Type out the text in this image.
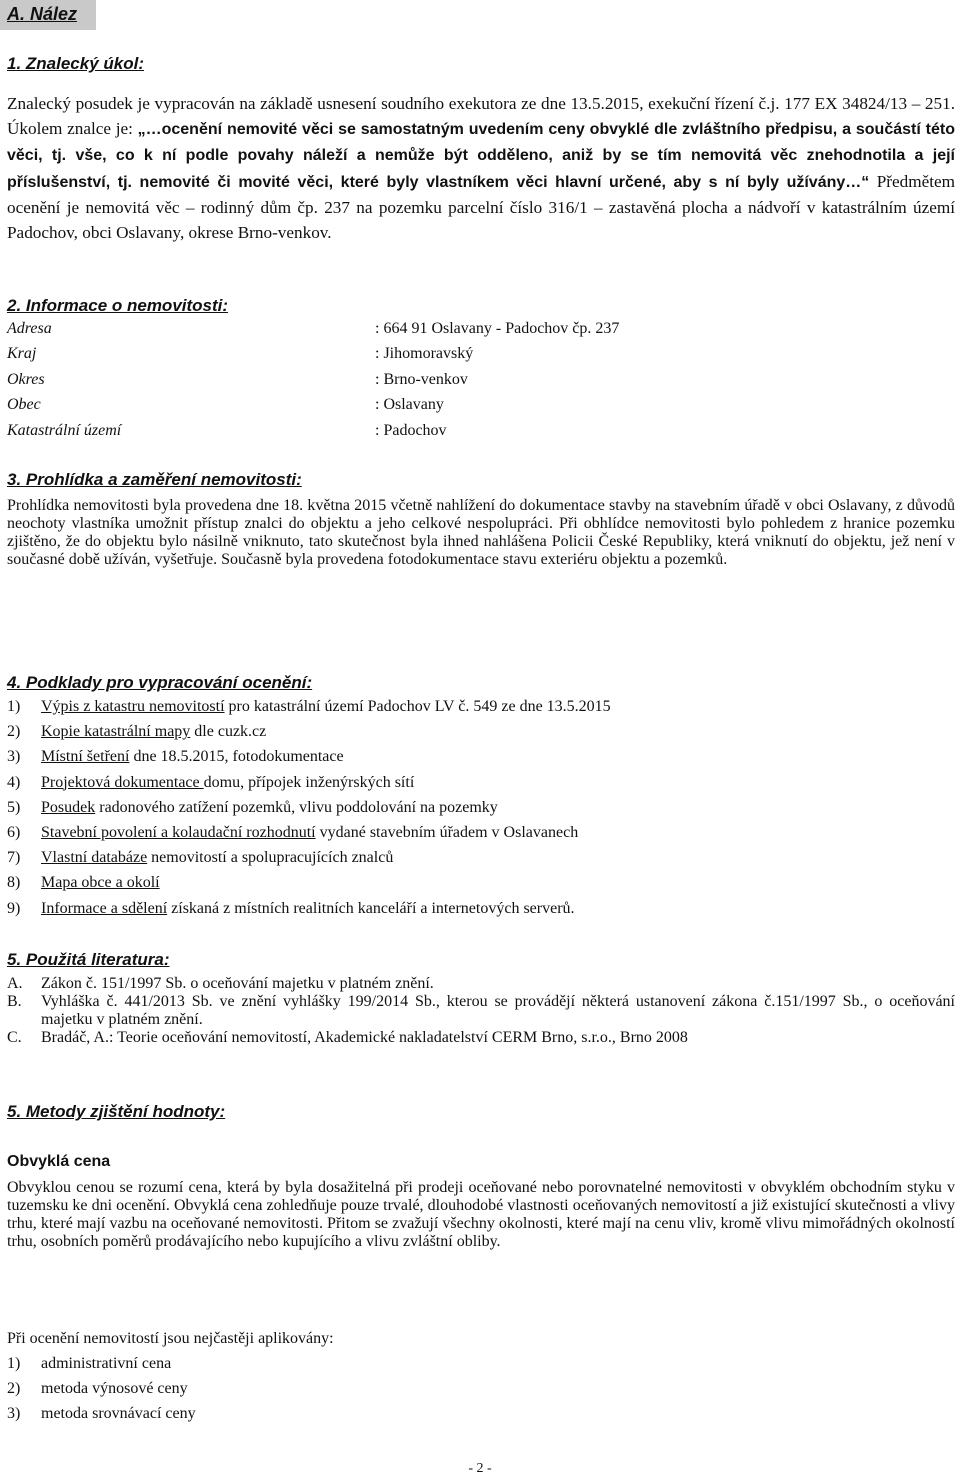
A. Nález
1. Znalecký úkol:
Znalecký posudek je vypracován na základě usnesení soudního exekutora ze dne 13.5.2015, exekuční řízení č.j. 177 EX 34824/13 – 251. Úkolem znalce je: „…ocenění nemovité věci se samostatným uvedením ceny obvyklé dle zvláštního předpisu, a součástí této věci, tj. vše, co k ní podle povahy náleží a nemůže být odděleno, aniž by se tím nemovitá věc znehodnotila a její příslušenství, tj. nemovité či movité věci, které byly vlastníkem věci hlavní určené, aby s ní byly užívány…“ Předmětem ocenění je nemovitá věc – rodinný dům čp. 237 na pozemku parcelní číslo 316/1 – zastavěná plocha a nádvoří v katastrálním území Padochov, obci Oslavany, okrese Brno-venkov.
2. Informace o nemovitosti:
Adresa	: 664 91 Oslavany - Padochov čp. 237
Kraj	: Jihomoravský
Okres	: Brno-venkov
Obec	: Oslavany
Katastrální území	: Padochov
3. Prohlídka a zaměření nemovitosti:
Prohlídka nemovitosti byla provedena dne 18. května 2015 včetně nahlížení do dokumentace stavby na stavebním úřadě v obci Oslavany, z důvodů neochoty vlastníka umožnit přístup znalci do objektu a jeho celkové nespolupráci. Při obhlídce nemovitosti bylo pohledem z hranice pozemku zjištěno, že do objektu bylo násilně vniknuto, tato skutečnost byla ihned nahlášena Policii České Republiky, která vniknutí do objektu, jež není v současné době užíván, vyšetřuje. Současně byla provedena fotodokumentace stavu exteriéru objektu a pozemků.
4. Podklady pro vypracování ocenění:
1) Výpis z katastru nemovitostí pro katastrální území Padochov LV č. 549 ze dne 13.5.2015
2) Kopie katastrální mapy dle cuzk.cz
3) Místní šetření dne 18.5.2015, fotodokumentace
4) Projektová dokumentace domu, přípojek inženýrských sítí
5) Posudek radonového zatížení pozemků, vlivu poddolování na pozemky
6) Stavební povolení a kolaudační rozhodnutí vydané stavebním úřadem v Oslavanech
7) Vlastní databáze nemovitostí a spolupracujících znalců
8) Mapa obce a okolí
9) Informace a sdělení získaná z místních realitních kanceláří a internetových serverů.
5. Použitá literatura:
A.	Zákon č. 151/1997 Sb. o oceňování majetku v platném znění.
B.	Vyhláška č. 441/2013 Sb. ve znění vyhlášky 199/2014 Sb., kterou se provádějí některá ustanovení zákona č.151/1997 Sb., o oceňování majetku v platném znění.
C.	Bradáč, A.: Teorie oceňování nemovitostí, Akademické nakladatelství CERM Brno, s.r.o., Brno 2008
5. Metody zjištění hodnoty:
Obvyklá cena
Obvyklou cenou se rozumí cena, která by byla dosažitelná při prodeji oceňované nebo porovnatelné nemovitosti v obvyklém obchodním styku v tuzemsku ke dni ocenění. Obvyklá cena zohledňuje pouze trvalé, dlouhodobé vlastnosti oceňovaných nemovitostí a již existující skutečnosti a vlivy trhu, které mají vazbu na oceňované nemovitosti. Přitom se zvažují všechny okolnosti, které mají na cenu vliv, kromě vlivu mimořádných okolností trhu, osobních poměrů prodávajícího nebo kupujícího a vlivu zvláštní obliby.
Při ocenění nemovitostí jsou nejčastěji aplikovány:
1) administrativní cena
2) metoda výnosové ceny
3) metoda srovnávací ceny
- 2 -
